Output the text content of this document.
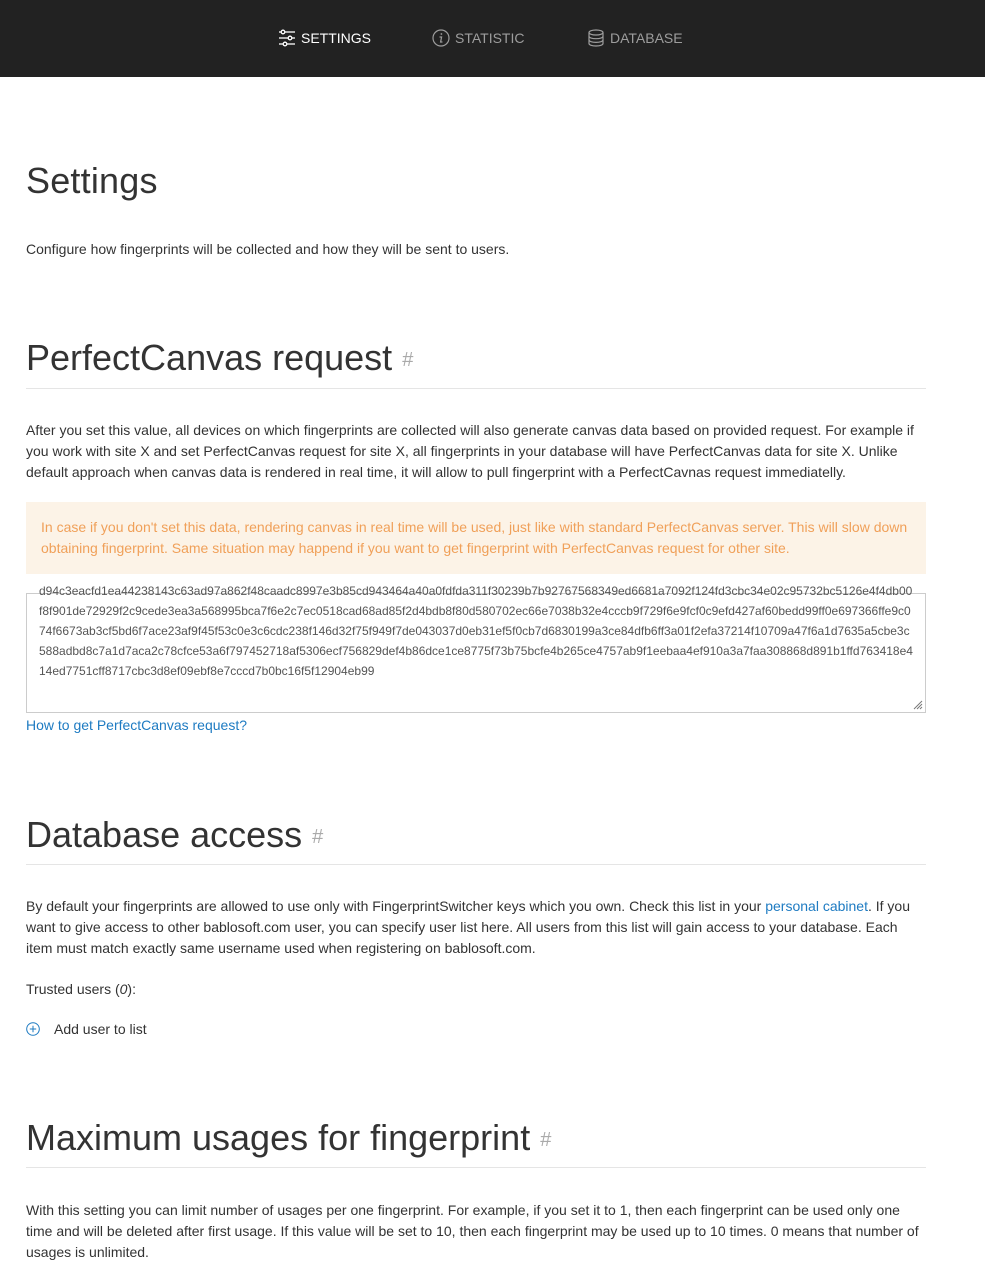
SETTINGS	STATISTIC	DATABASE
Settings
Configure how fingerprints will be collected and how they will be sent to users.
PerfectCanvas request #
After you set this value, all devices on which fingerprints are collected will also generate canvas data based on provided request. For example if you work with site X and set PerfectCanvas request for site X, all fingerprints in your database will have PerfectCanvas data for site X. Unlike default approach when canvas data is rendered in real time, it will allow to pull fingerprint with a PerfectCavnas request immediatelly.
In case if you don't set this data, rendering canvas in real time will be used, just like with standard PerfectCanvas server. This will slow down obtaining fingerprint. Same situation may happend if you want to get fingerprint with PerfectCanvas request for other site.
d94c3eacfd1ea44238143c63ad97a862f48caadc8997e3b85cd943464a40a0fdfda311f30239b7b92767568349ed6681a7092f124fd3cbc34e02c95732bc5126e4f4db00f8f901de72929f2c9cede3ea3a568995bca7f6e2c7ec0518cad68ad85f2d4bdb8f80d580702ec66e7038b32e4cccb9f729f6e9fcf0c9efd427af60bedd99ff0e697366ffe9c074f6673ab3cf5bd6f7ace23af9f45f53c0e3c6cdc238f146d32f75f949f7de043037d0eb31ef5f0cb7d6830199a3ce84dfb6ff3a01f2efa37214f10709a47f6a1d7635a5cbe3c588adbd8c7a1d7aca2c78cfce53a6f797452718af5306ecf756829def4b86dce1ce8775f73b75bcfe4b265ce4757ab9f1eebaa4ef910a3a7faa308868d891b1ffd763418e414ed7751cff8717cbc3d8ef09ebf8e7cccd7b0bc16f5f12904eb99
How to get PerfectCanvas request?
Database access #
By default your fingerprints are allowed to use only with FingerprintSwitcher keys which you own. Check this list in your personal cabinet. If you want to give access to other bablosoft.com user, you can specify user list here. All users from this list will gain access to your database. Each item must match exactly same username used when registering on bablosoft.com.
Trusted users (0):
Add user to list
Maximum usages for fingerprint #
With this setting you can limit number of usages per one fingerprint. For example, if you set it to 1, then each fingerprint can be used only one time and will be deleted after first usage. If this value will be set to 10, then each fingerprint may be used up to 10 times. 0 means that number of usages is unlimited.
